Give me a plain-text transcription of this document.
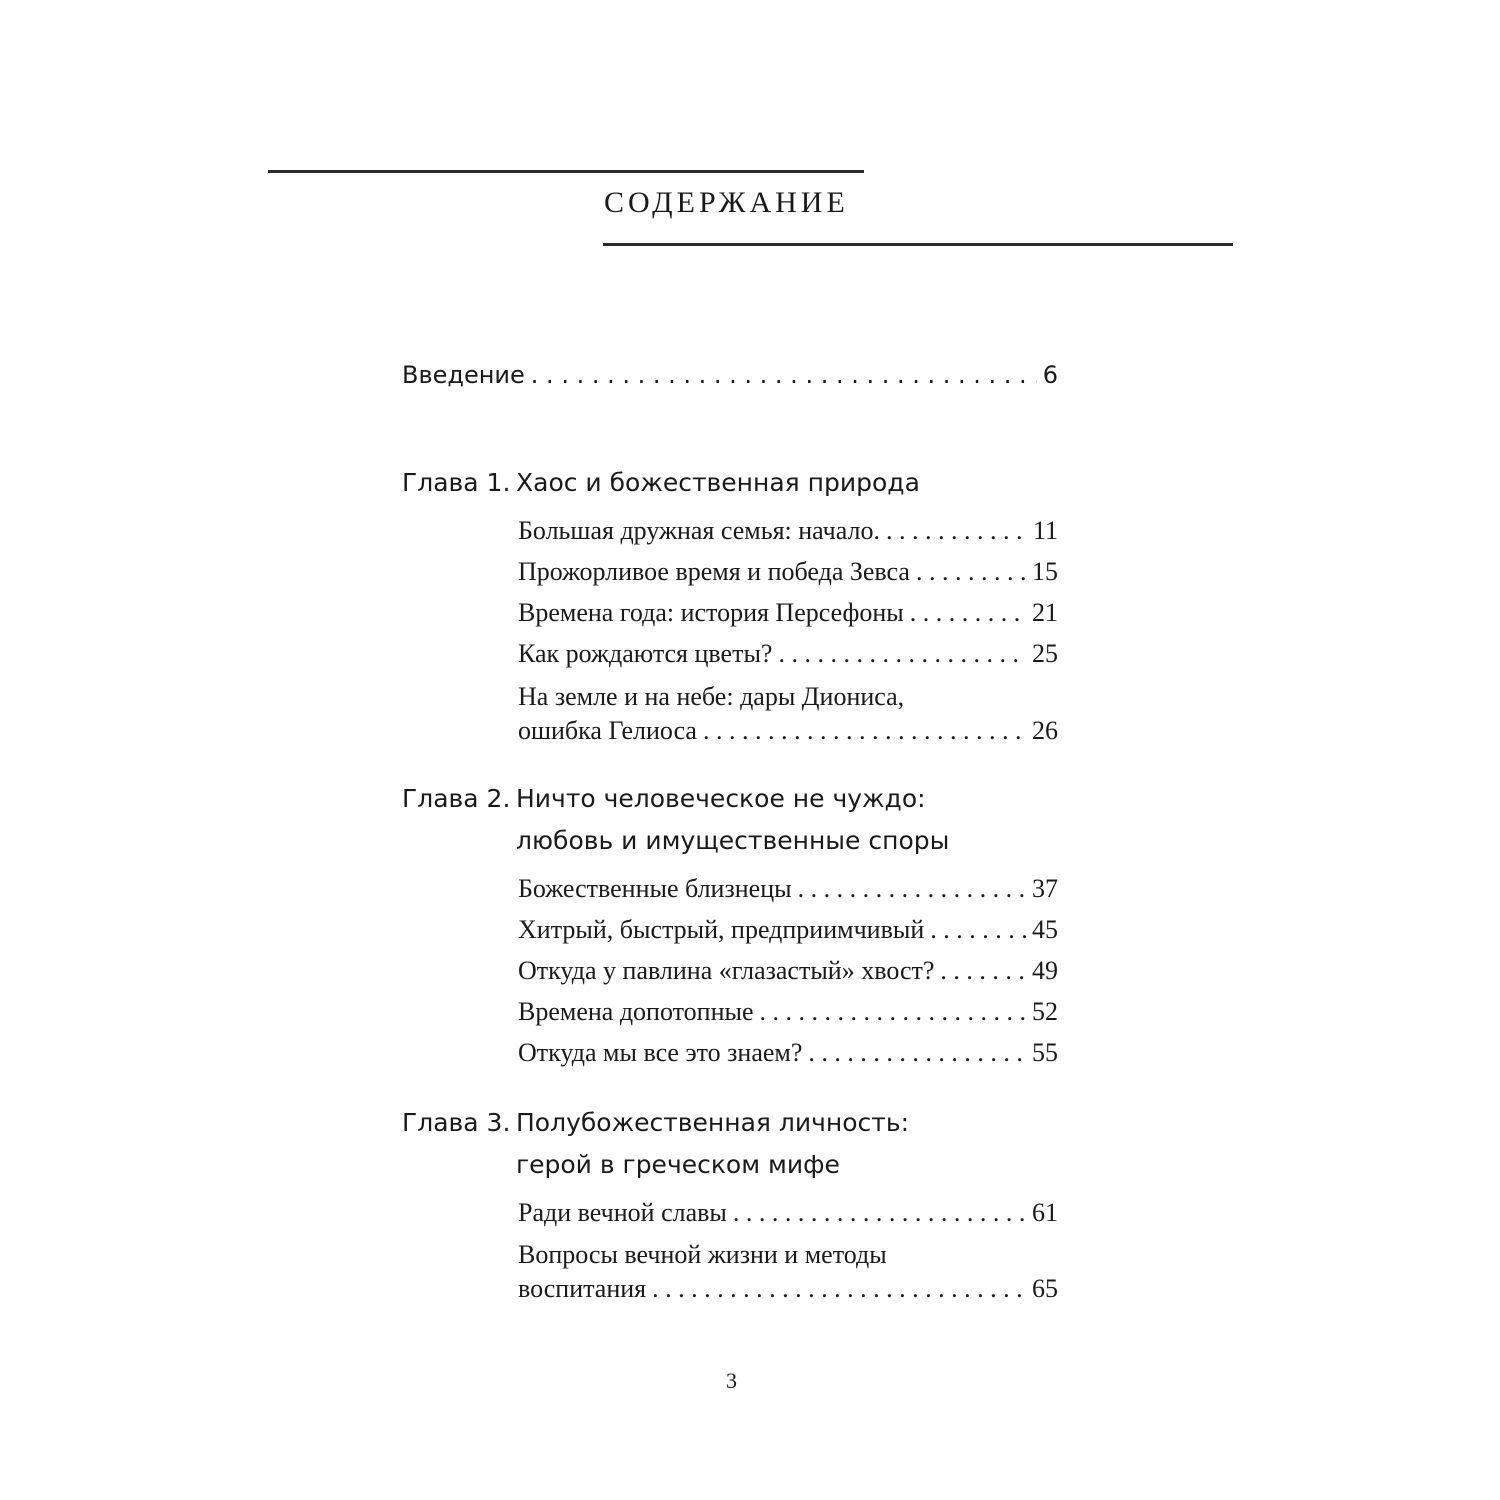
СОДЕРЖАНИЕ
Введение . . .	6
Глава 1. Хаос и божественная природа
Большая дружная семья: начало. . . .	11
Прожорливое время и победа Зевса . . .	15
Времена года: история Персефоны . . .	21
Как рождаются цветы? . . .	25
На земле и на небе: дары Диониса,
ошибка Гелиоса . . .	26
Глава 2. Ничто человеческое не чуждо:
любовь и имущественные споры
Божественные близнецы . . .	37
Хитрый, быстрый, предприимчивый . . .	45
Откуда у павлина «глазастый» хвост? . . .	49
Времена допотопные . . .	52
Откуда мы все это знаем? . . .	55
Глава 3. Полубожественная личность:
герой в греческом мифе
Ради вечной славы . . .	61
Вопросы вечной жизни и методы
воспитания . . .	65
3
